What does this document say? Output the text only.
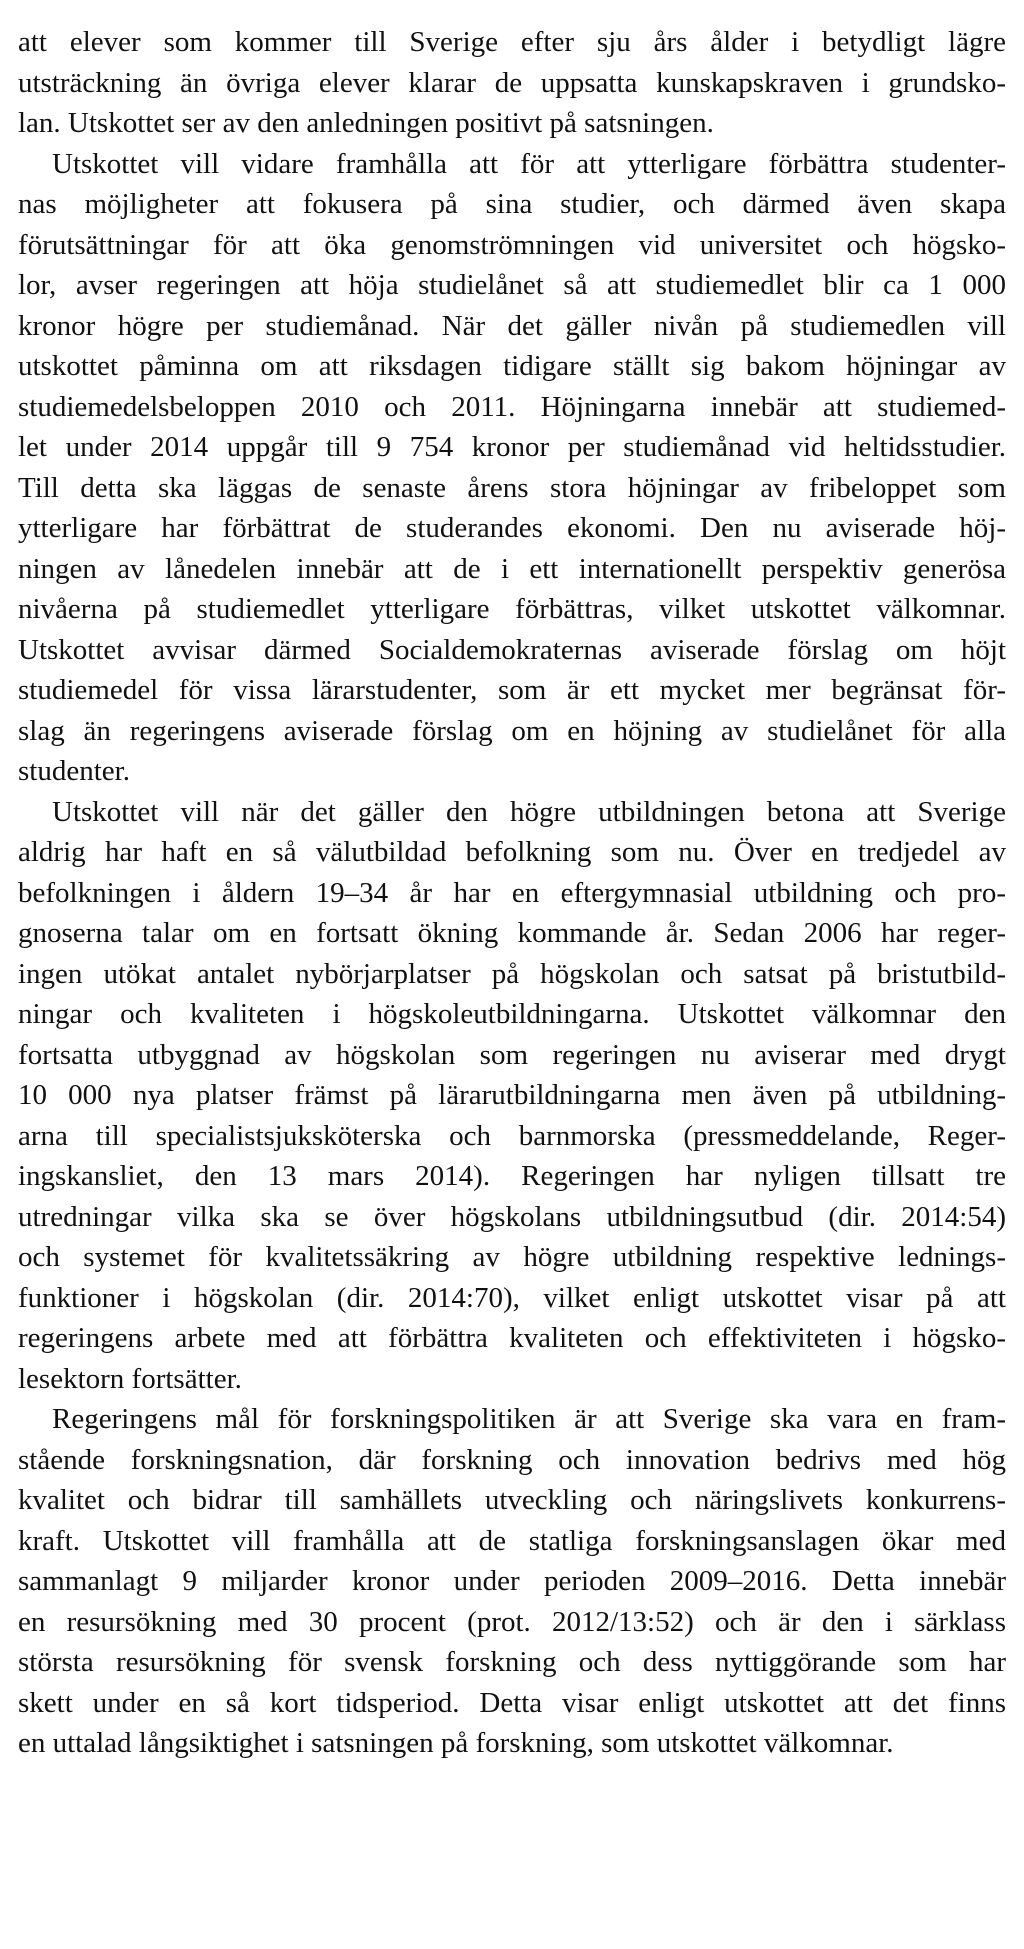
att elever som kommer till Sverige efter sju års ålder i betydligt lägre
utsträckning än övriga elever klarar de uppsatta kunskapskraven i grundsko-
lan. Utskottet ser av den anledningen positivt på satsningen.
Utskottet vill vidare framhålla att för att ytterligare förbättra studenter-
nas möjligheter att fokusera på sina studier, och därmed även skapa
förutsättningar för att öka genomströmningen vid universitet och högsko-
lor, avser regeringen att höja studielånet så att studiemedlet blir ca 1 000
kronor högre per studiemånad. När det gäller nivån på studiemedlen vill
utskottet påminna om att riksdagen tidigare ställt sig bakom höjningar av
studiemedelsbeloppen 2010 och 2011. Höjningarna innebär att studiemed-
let under 2014 uppgår till 9 754 kronor per studiemånad vid heltidsstudier.
Till detta ska läggas de senaste årens stora höjningar av fribeloppet som
ytterligare har förbättrat de studerandes ekonomi. Den nu aviserade höj-
ningen av lånedelen innebär att de i ett internationellt perspektiv generösa
nivåerna på studiemedlet ytterligare förbättras, vilket utskottet välkomnar.
Utskottet avvisar därmed Socialdemokraternas aviserade förslag om höjt
studiemedel för vissa lärarstudenter, som är ett mycket mer begränsat för-
slag än regeringens aviserade förslag om en höjning av studielånet för alla
studenter.
Utskottet vill när det gäller den högre utbildningen betona att Sverige
aldrig har haft en så välutbildad befolkning som nu. Över en tredjedel av
befolkningen i åldern 19–34 år har en eftergymnasial utbildning och pro-
gnoserna talar om en fortsatt ökning kommande år. Sedan 2006 har reger-
ingen utökat antalet nybörjarplatser på högskolan och satsat på bristutbild-
ningar och kvaliteten i högskoleutbildningarna. Utskottet välkomnar den
fortsatta utbyggnad av högskolan som regeringen nu aviserar med drygt
10 000 nya platser främst på lärarutbildningarna men även på utbildning-
arna till specialistsjuksköterska och barnmorska (pressmeddelande, Reger-
ingskansliet, den 13 mars 2014). Regeringen har nyligen tillsatt tre
utredningar vilka ska se över högskolans utbildningsutbud (dir. 2014:54)
och systemet för kvalitetssäkring av högre utbildning respektive lednings-
funktioner i högskolan (dir. 2014:70), vilket enligt utskottet visar på att
regeringens arbete med att förbättra kvaliteten och effektiviteten i högsko-
lesektorn fortsätter.
Regeringens mål för forskningspolitiken är att Sverige ska vara en fram-
stående forskningsnation, där forskning och innovation bedrivs med hög
kvalitet och bidrar till samhällets utveckling och näringslivets konkurrens-
kraft. Utskottet vill framhålla att de statliga forskningsanslagen ökar med
sammanlagt 9 miljarder kronor under perioden 2009–2016. Detta innebär
en resursökning med 30 procent (prot. 2012/13:52) och är den i särklass
största resursökning för svensk forskning och dess nyttiggörande som har
skett under en så kort tidsperiod. Detta visar enligt utskottet att det finns
en uttalad långsiktighet i satsningen på forskning, som utskottet välkomnar.
